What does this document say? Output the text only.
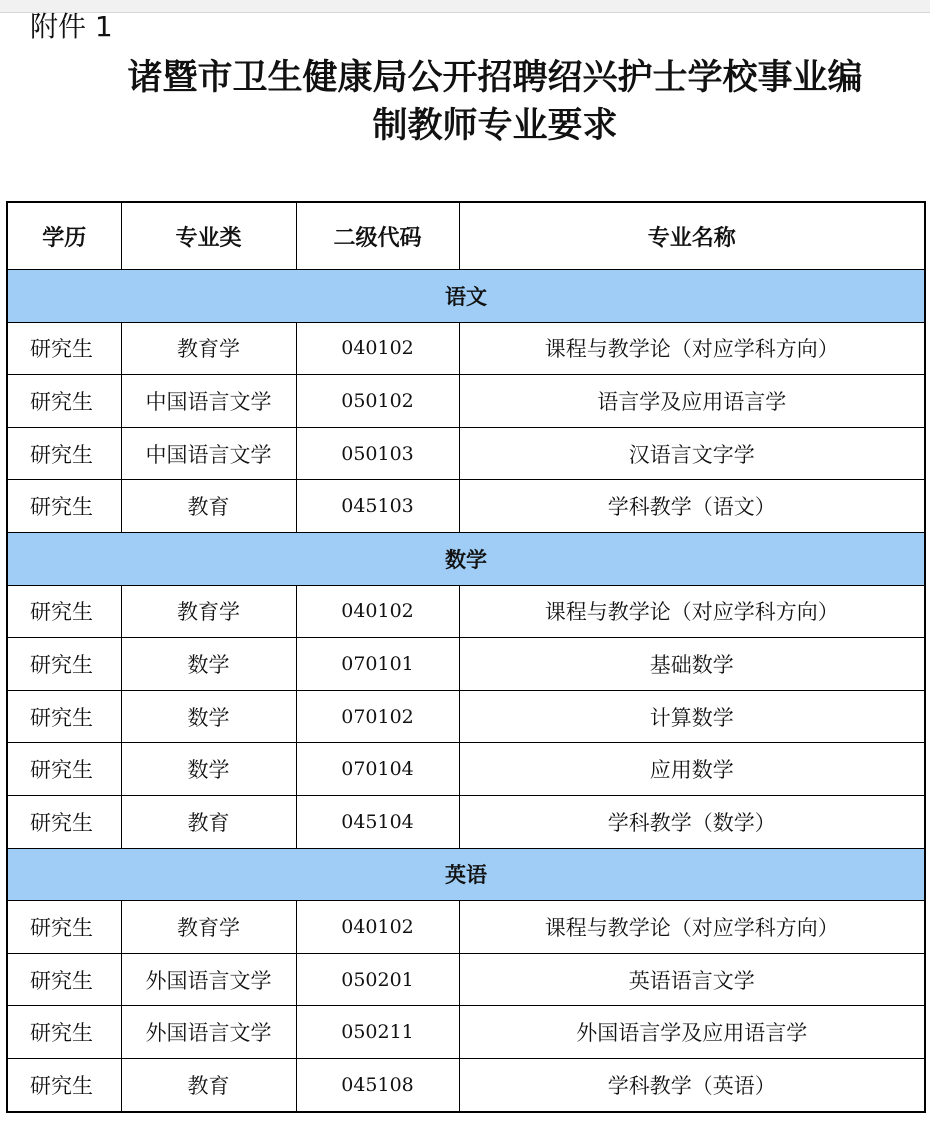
附件 1
诸暨市卫生健康局公开招聘绍兴护士学校事业编
制教师专业要求
学历	专业类	二级代码	专业名称
语文			
研究生	教育学	040102	课程与教学论（对应学科方向）
研究生	中国语言文学	050102	语言学及应用语言学
研究生	中国语言文学	050103	汉语言文字学
研究生	教育	045103	学科教学（语文）
数学			
研究生	教育学	040102	课程与教学论（对应学科方向）
研究生	数学	070101	基础数学
研究生	数学	070102	计算数学
研究生	数学	070104	应用数学
研究生	教育	045104	学科教学（数学）
英语			
研究生	教育学	040102	课程与教学论（对应学科方向）
研究生	外国语言文学	050201	英语语言文学
研究生	外国语言文学	050211	外国语言学及应用语言学
研究生	教育	045108	学科教学（英语）
